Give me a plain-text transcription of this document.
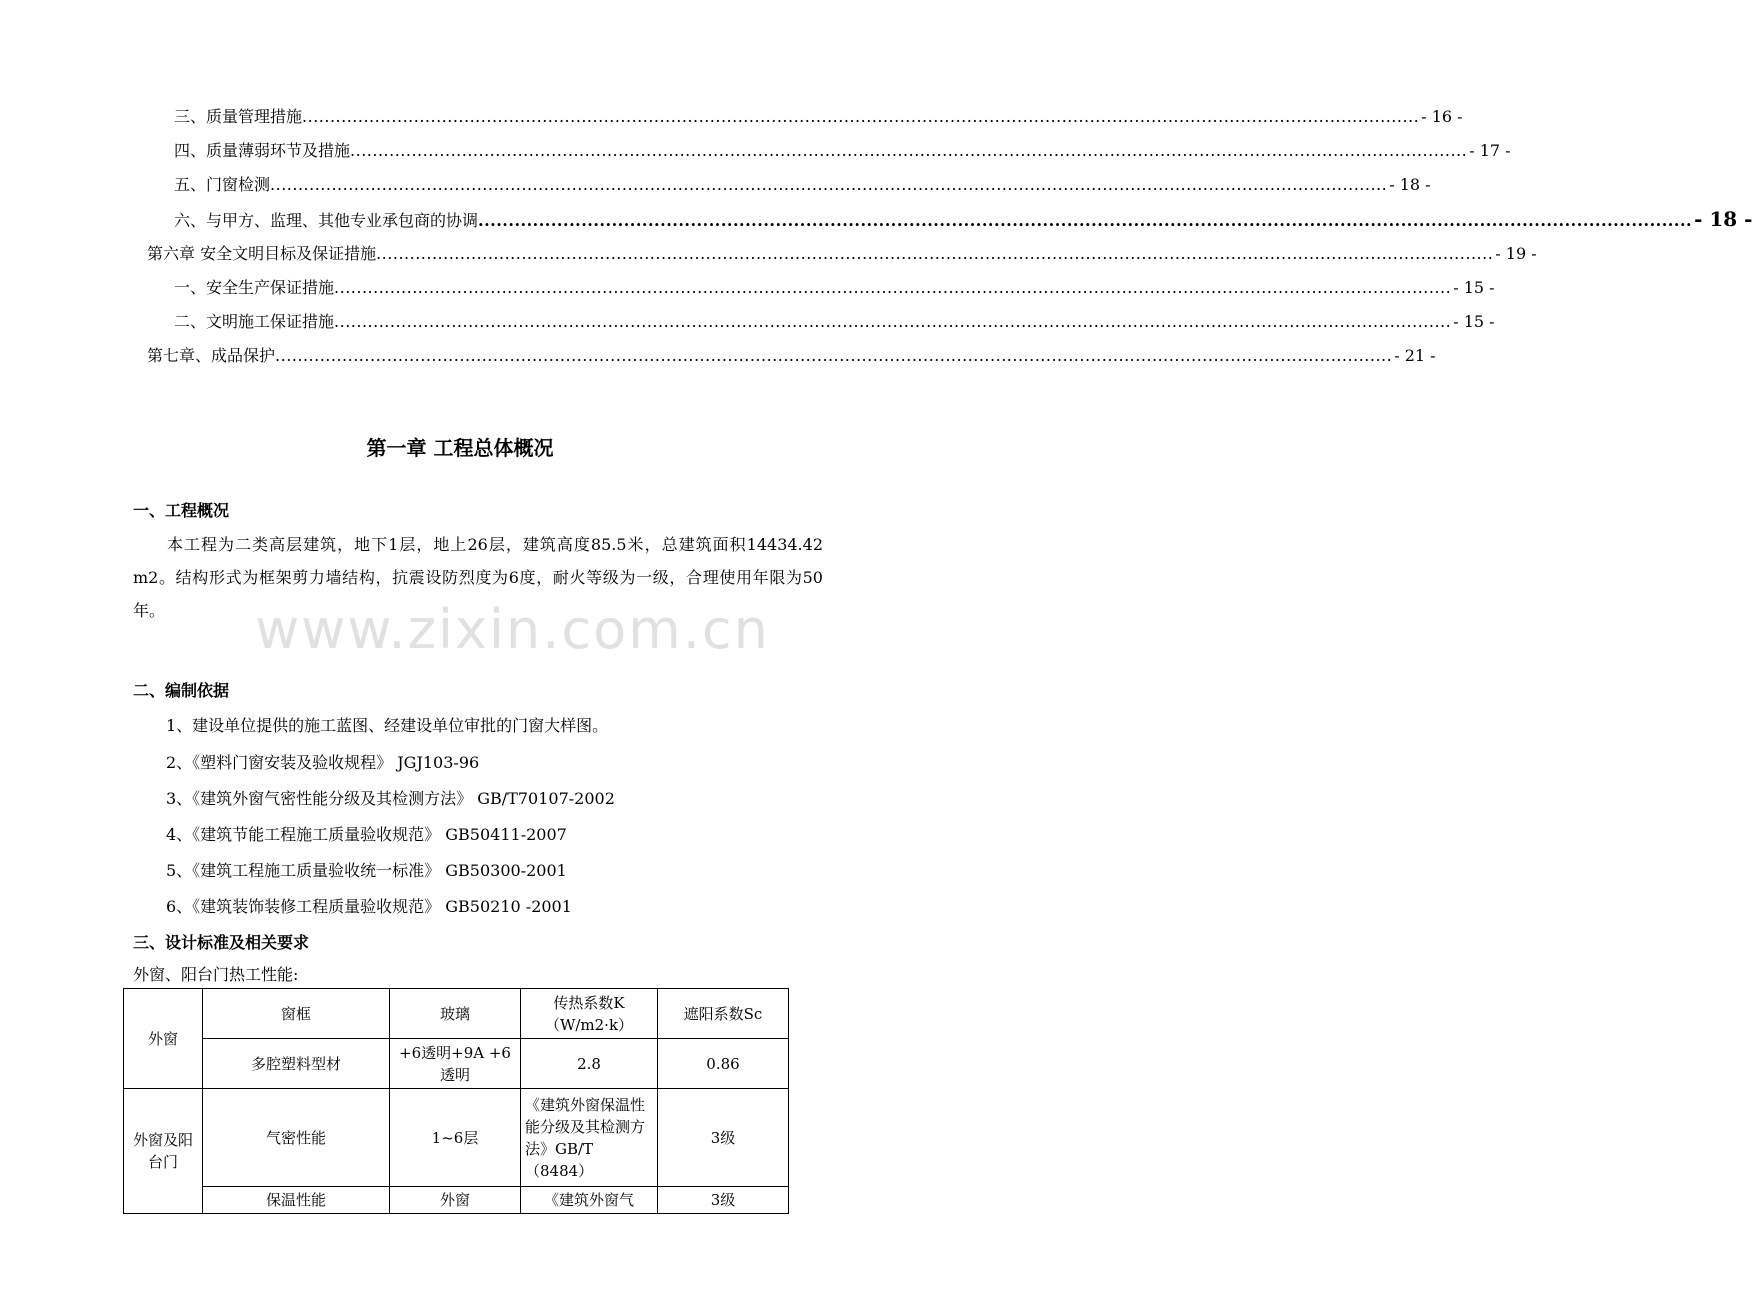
三、质量管理措施 ........................................................................................................................................................................................................ - 16 -
四、质量薄弱环节及措施 ........................................................................................................................................................................................................ - 17 -
五、门窗检测 ........................................................................................................................................................................................................ - 18 -
六、与甲方、监理、其他专业承包商的协调 ........................................................................................................................................................................................................ - 18 -
第六章 安全文明目标及保证措施 ........................................................................................................................................................................................................ - 19 -
一、安全生产保证措施 ........................................................................................................................................................................................................ - 15 -
二、文明施工保证措施 ........................................................................................................................................................................................................ - 15 -
第七章、成品保护 ........................................................................................................................................................................................................ - 21 -
第一章 工程总体概况
一、工程概况
本工程为二类高层建筑，地下1层，地上26层，建筑高度85.5米，总建筑面积14434.42 m2。结构形式为框架剪力墙结构，抗震设防烈度为6度，耐火等级为一级，合理使用年限为50年。	www.zixin.com.cn
二、编制依据
1、建设单位提供的施工蓝图、经建设单位审批的门窗大样图。
2、《塑料门窗安装及验收规程》 JGJ103-96
3、《建筑外窗气密性能分级及其检测方法》 GB/T70107-2002
4、《建筑节能工程施工质量验收规范》 GB50411-2007
5、《建筑工程施工质量验收统一标准》 GB50300-2001
6、《建筑装饰装修工程质量验收规范》 GB50210 -2001
三、设计标准及相关要求
外窗、阳台门热工性能:
外窗	窗框	玻璃	传热系数K（W/m2·k）	遮阳系数Sc
	多腔塑料型材	+6透明+9A +6透明	2.8	0.86
外窗及阳台门	气密性能	1~6层	《建筑外窗保温性能分级及其检测方法》GB/T（8484）	3级
	保温性能	外窗	《建筑外窗气	3级
